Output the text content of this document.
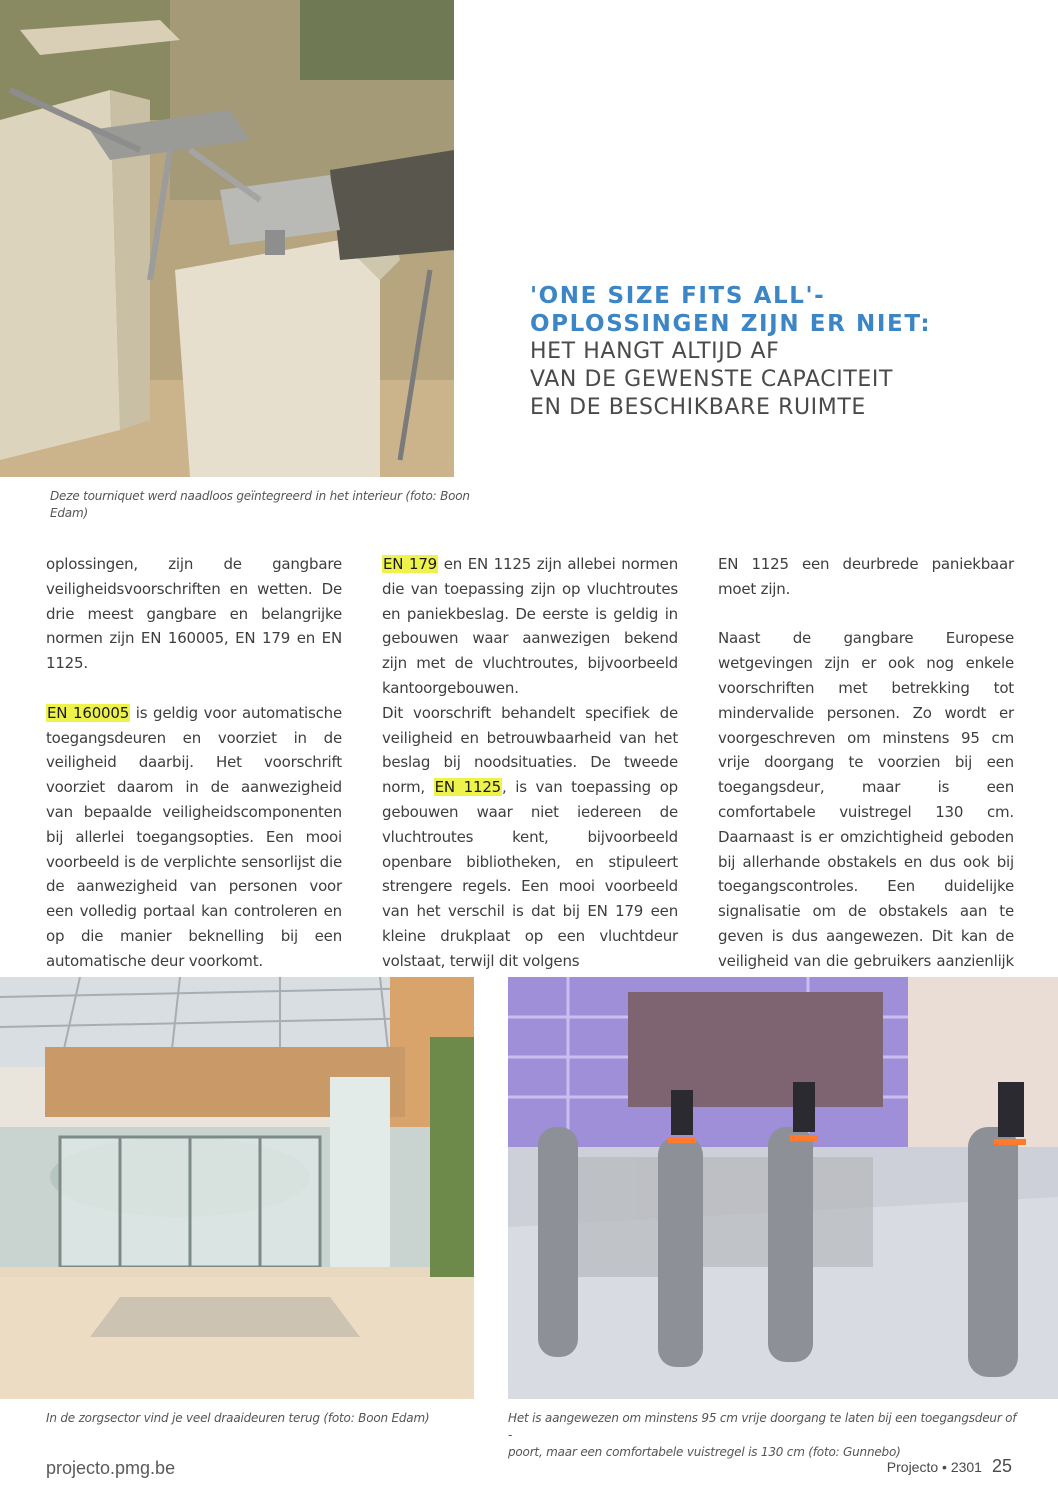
Deze tourniquet werd naadloos geïntegreerd in het interieur (foto: Boon Edam)
'ONE SIZE FITS ALL'-
OPLOSSINGEN ZIJN ER NIET:
HET HANGT ALTIJD AF
VAN DE GEWENSTE CAPACITEIT
EN DE BESCHIKBARE RUIMTE

oplossingen, zijn de gangbare veiligheidsvoorschriften en wetten. De drie meest gangbare en belangrijke normen zijn EN 160005, EN 179 en EN 1125.

EN 160005 is geldig voor automatische toegangsdeuren en voorziet in de veiligheid daarbij. Het voorschrift voorziet daarom in de aanwezigheid van bepaalde veiligheidscomponenten bij allerlei toegangsopties. Een mooi voorbeeld is de verplichte sensorlijst die de aanwezigheid van personen voor een volledig portaal kan controleren en op die manier beknelling bij een automatische deur voorkomt.

EN 179 en EN 1125 zijn allebei normen die van toepassing zijn op vluchtroutes en paniekbeslag. De eerste is geldig in gebouwen waar aanwezigen bekend zijn met de vluchtroutes, bijvoorbeeld kantoorgebouwen.

Dit voorschrift behandelt specifiek de veiligheid en betrouwbaarheid van het beslag bij noodsituaties. De tweede norm, EN 1125, is van toepassing op gebouwen waar niet iedereen de vluchtroutes kent, bijvoorbeeld openbare bibliotheken, en stipuleert strengere regels. Een mooi voorbeeld van het verschil is dat bij EN 179 een kleine drukplaat op een vluchtdeur volstaat, terwijl dit volgens

EN 1125 een deurbrede paniekbaar moet zijn.

Naast de gangbare Europese wetgevingen zijn er ook nog enkele voorschriften met betrekking tot mindervalide personen. Zo wordt er voorgeschreven om minstens 95 cm vrije doorgang te voorzien bij een toegangsdeur, maar is een comfortabele vuistregel 130 cm. Daarnaast is er omzichtigheid geboden bij allerhande obstakels en dus ook bij toegangscontroles. Een duidelijke signalisatie om de obstakels aan te geven is dus aangewezen. Dit kan de veiligheid van die gebruikers aanzienlijk

In de zorgsector vind je veel draaideuren terug (foto: Boon Edam)	Het is aangewezen om minstens 95 cm vrije doorgang te laten bij een toegangsdeur of -
poort, maar een comfortabele vuistregel is 130 cm (foto: Gunnebo)
projecto.pmg.be	Projecto • 2301 25
